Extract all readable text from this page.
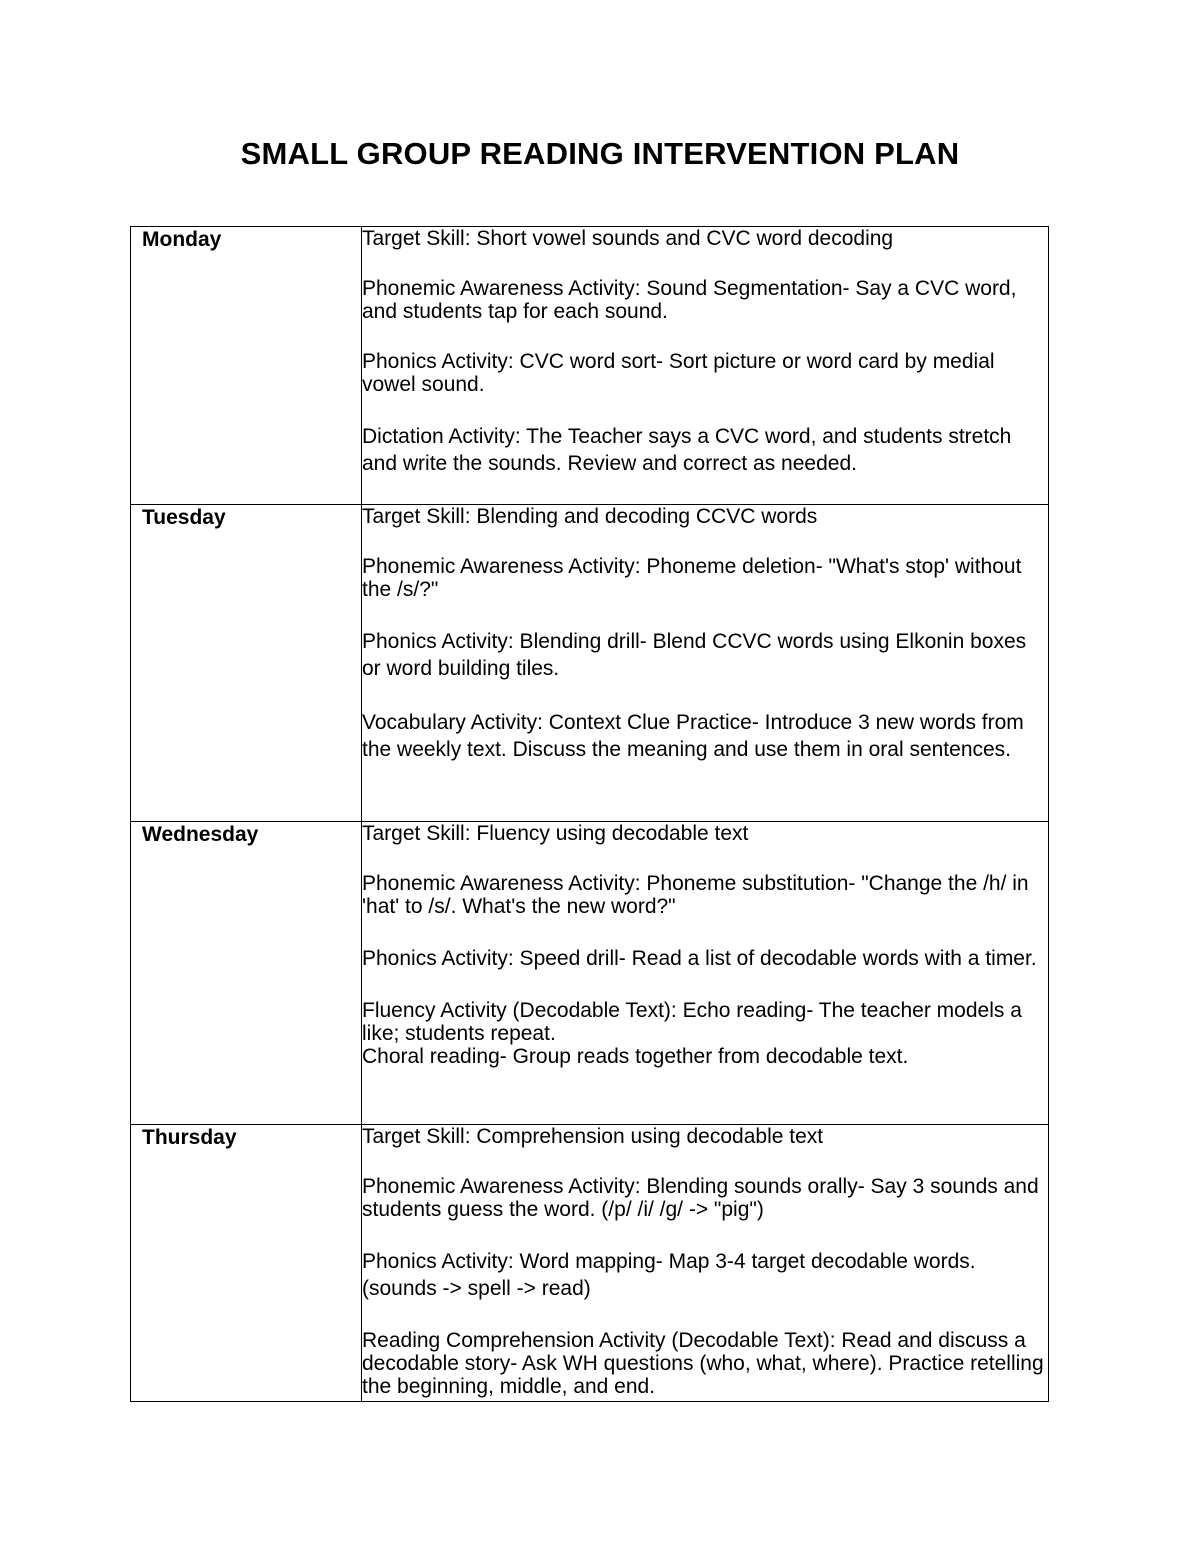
SMALL GROUP READING INTERVENTION PLAN
Monday	Target Skill: Short vowel sounds and CVC word decoding

Phonemic Awareness Activity: Sound Segmentation- Say a CVC word, and students tap for each sound.

Phonics Activity: CVC word sort- Sort picture or word card by medial vowel sound.

Dictation Activity: The Teacher says a CVC word, and students stretch and write the sounds. Review and correct as needed.

Tuesday	Target Skill: Blending and decoding CCVC words

Phonemic Awareness Activity: Phoneme deletion- "What's stop' without the /s/?"

Phonics Activity: Blending drill- Blend CCVC words using Elkonin boxes or word building tiles.

Vocabulary Activity: Context Clue Practice- Introduce 3 new words from the weekly text. Discuss the meaning and use them in oral sentences.

Wednesday	Target Skill: Fluency using decodable text

Phonemic Awareness Activity: Phoneme substitution- "Change the /h/ in 'hat' to /s/. What's the new word?"

Phonics Activity: Speed drill- Read a list of decodable words with a timer.

Fluency Activity (Decodable Text): Echo reading- The teacher models a like; students repeat.

Choral reading- Group reads together from decodable text.

Thursday	Target Skill: Comprehension using decodable text

Phonemic Awareness Activity: Blending sounds orally- Say 3 sounds and students guess the word. (/p/ /i/ /g/ -> "pig")

Phonics Activity: Word mapping- Map 3-4 target decodable words. (sounds -> spell -> read)

Reading Comprehension Activity (Decodable Text): Read and discuss a decodable story- Ask WH questions (who, what, where). Practice retelling the beginning, middle, and end.
